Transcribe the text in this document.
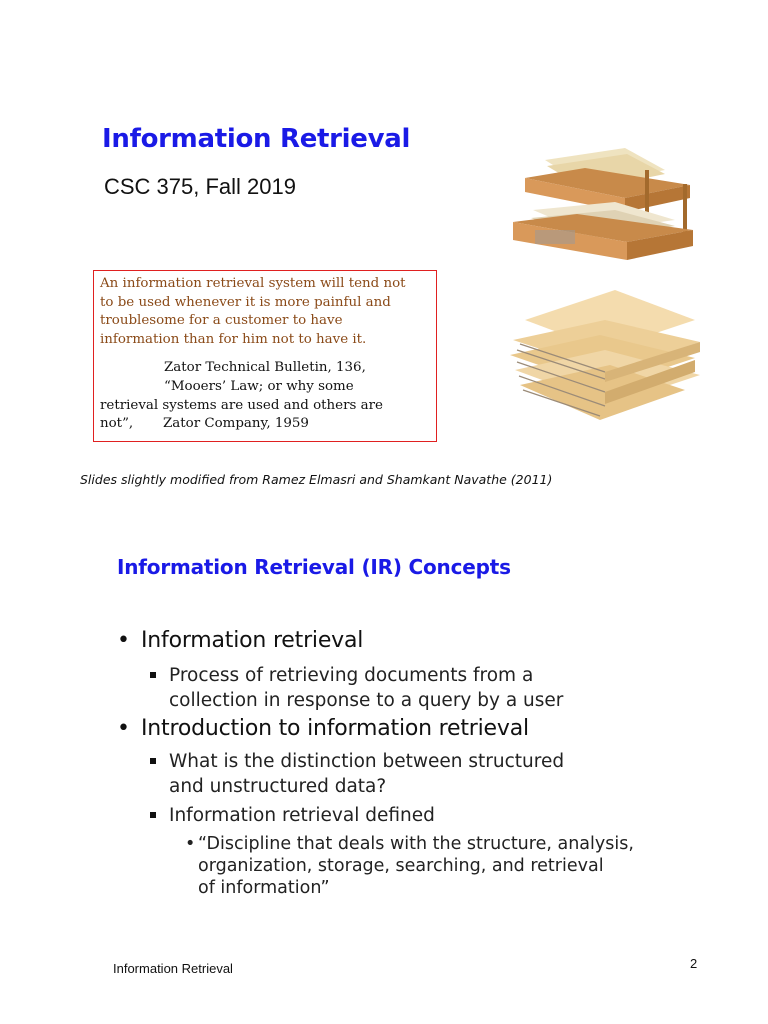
Information Retrieval
CSC 375, Fall 2019
An information retrieval system will tend not
to be used whenever it is more painful and
troublesome for a customer to have
information than for him not to have it.
Zator Technical Bulletin, 136,
“Mooers’ Law; or why some
retrieval systems are used and others are
not”,       Zator Company, 1959
Slides slightly modified from Ramez Elmasri and Shamkant Navathe (2011)
Information Retrieval (IR) Concepts
• Information retrieval
Process of retrieving documents from a
collection in response to a query by a user
• Introduction to information retrieval
What is the distinction between structured
and unstructured data?
Information retrieval defined
• “Discipline that deals with the structure, analysis,
organization, storage, searching, and retrieval
of information”
Information Retrieval	2
